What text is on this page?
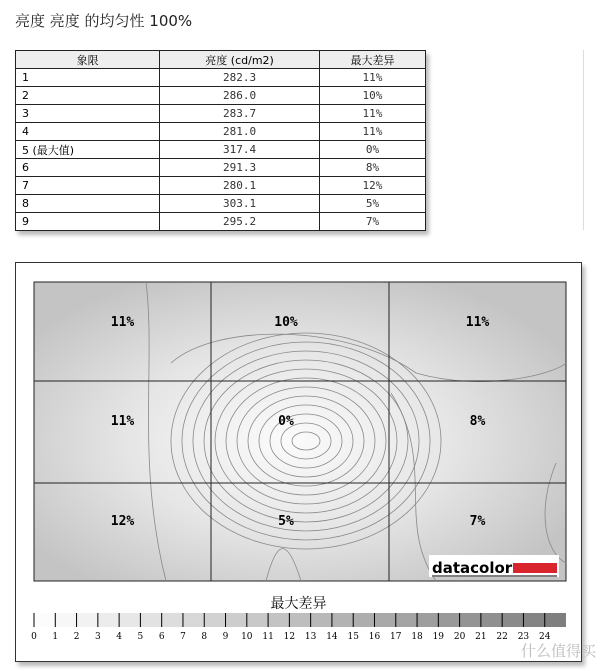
亮度 亮度 的均匀性 100%
象限	亮度 (cd/m2)	最大差异
1	282.3	11%
2	286.0	10%
3	283.7	11%
4	281.0	11%
5 (最大值)	317.4	0%
6	291.3	8%
7	280.1	12%
8	303.1	5%
9	295.2	7%
11%	10%	11%
11%	0%	8%
12%	5%	7%
datacolor
0 1 2 3 4 5 6 7 8 9 10 11 12 13 14 15 16 17 18 19 20 21 22 23 24
最大差异
什么值得买
